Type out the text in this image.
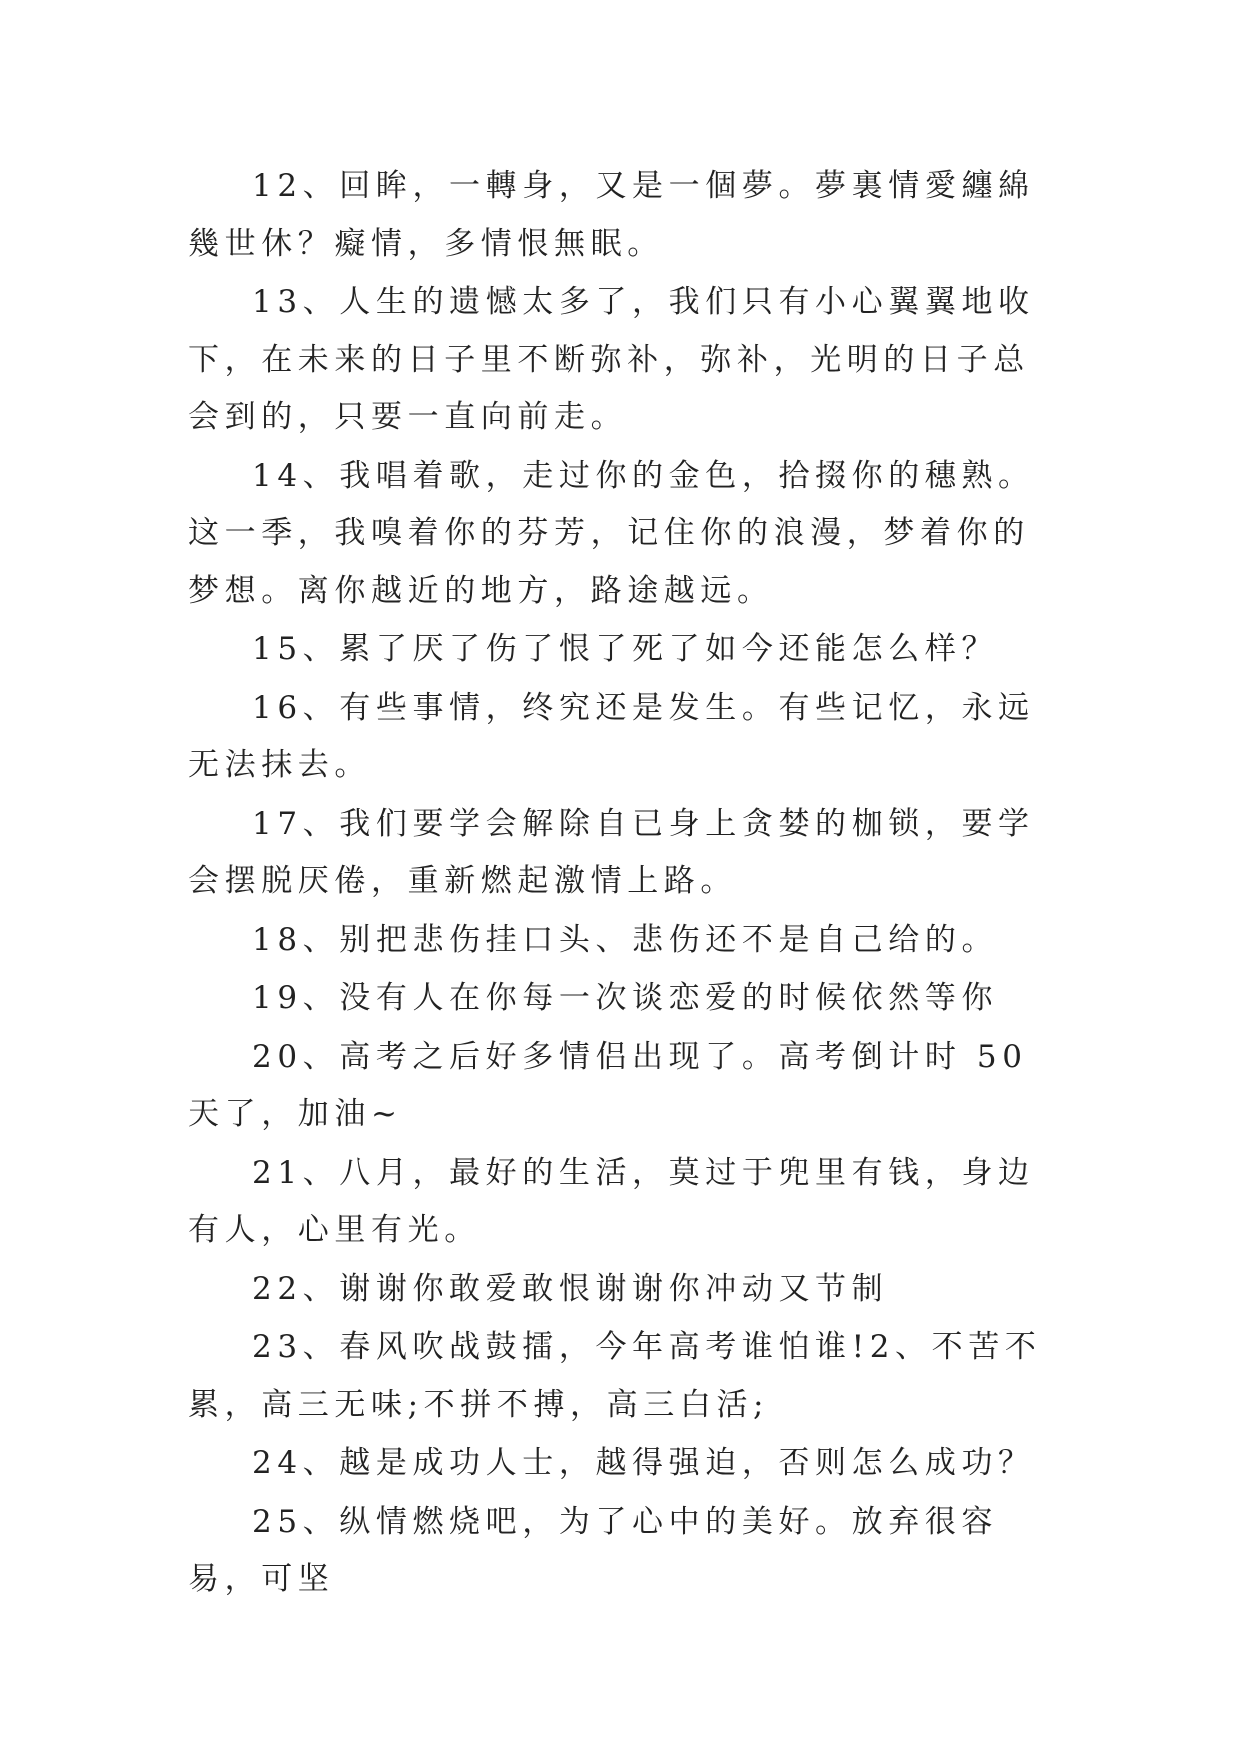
12、回眸，一轉身，又是一個夢。夢裏情愛纏綿幾世休？癡情，多情恨無眠。

13、人生的遗憾太多了，我们只有小心翼翼地收下，在未来的日子里不断弥补，弥补，光明的日子总会到的，只要一直向前走。

14、我唱着歌，走过你的金色，拾掇你的穗熟。这一季，我嗅着你的芬芳，记住你的浪漫，梦着你的梦想。离你越近的地方，路途越远。

15、累了厌了伤了恨了死了如今还能怎么样？

16、有些事情，终究还是发生。有些记忆，永远无法抹去。

17、我们要学会解除自已身上贪婪的枷锁，要学会摆脱厌倦，重新燃起激情上路。

18、别把悲伤挂口头、悲伤还不是自己给的。

19、没有人在你每一次谈恋爱的时候依然等你

20、高考之后好多情侣出现了。高考倒计时 50 天了，加油~

21、八月，最好的生活，莫过于兜里有钱，身边有人，心里有光。

22、谢谢你敢爱敢恨谢谢你冲动又节制

23、春风吹战鼓擂，今年高考谁怕谁!2、不苦不累，高三无味;不拼不搏，高三白活;

24、越是成功人士，越得强迫，否则怎么成功？

25、纵情燃烧吧，为了心中的美好。放弃很容易，可坚
